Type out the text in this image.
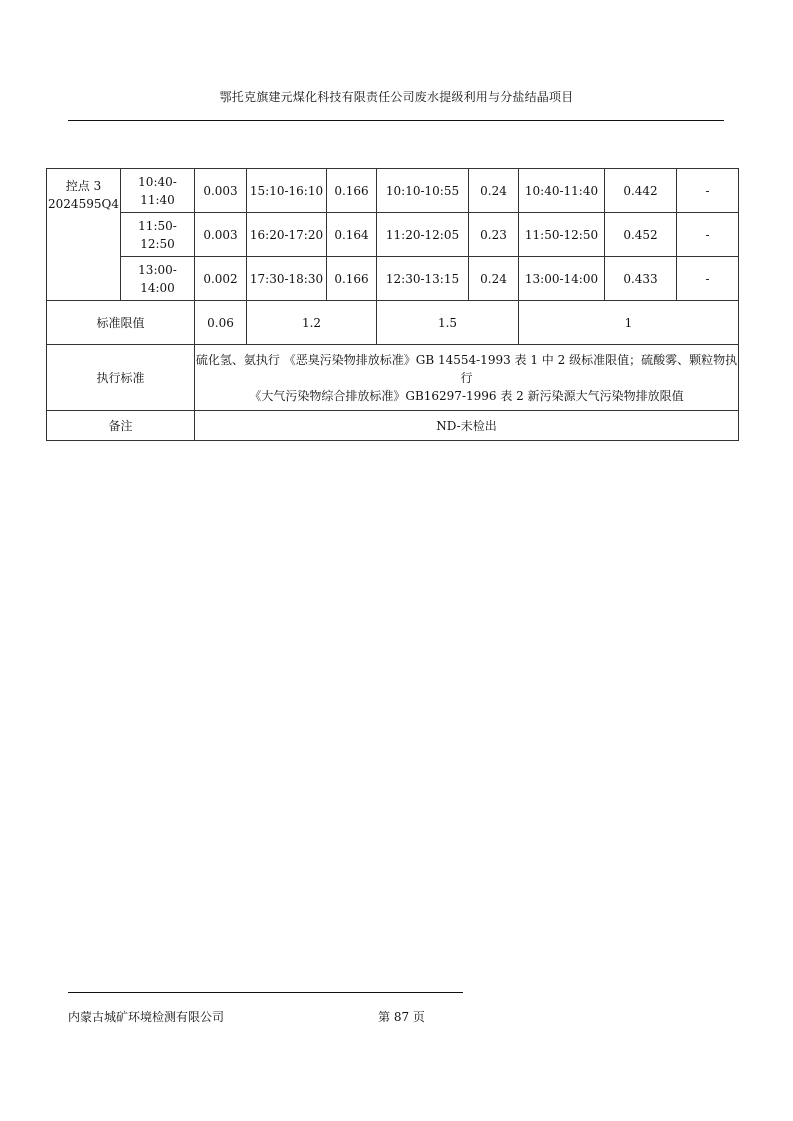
鄂托克旗建元煤化科技有限责任公司废水提级利用与分盐结晶项目
控点 3
2024595Q4	10:40-11:40	0.003	15:10-16:10	0.166	10:10-10:55	0.24	10:40-11:40	0.442	-
	11:50-12:50	0.003	16:20-17:20	0.164	11:20-12:05	0.23	11:50-12:50	0.452	-
	13:00-14:00	0.002	17:30-18:30	0.166	12:30-13:15	0.24	13:00-14:00	0.433	-
标准限值		0.06	1.2		1.5		1		
执行标准		硫化氢、氨执行 《恶臭污染物排放标准》GB 14554-1993 表 1 中 2 级标准限值；硫酸雾、颗粒物执行
《大气污染物综合排放标准》GB16297-1996 表 2 新污染源大气污染物排放限值							

备注		ND-未检出							
内蒙古城矿环境检测有限公司	第 87 页
